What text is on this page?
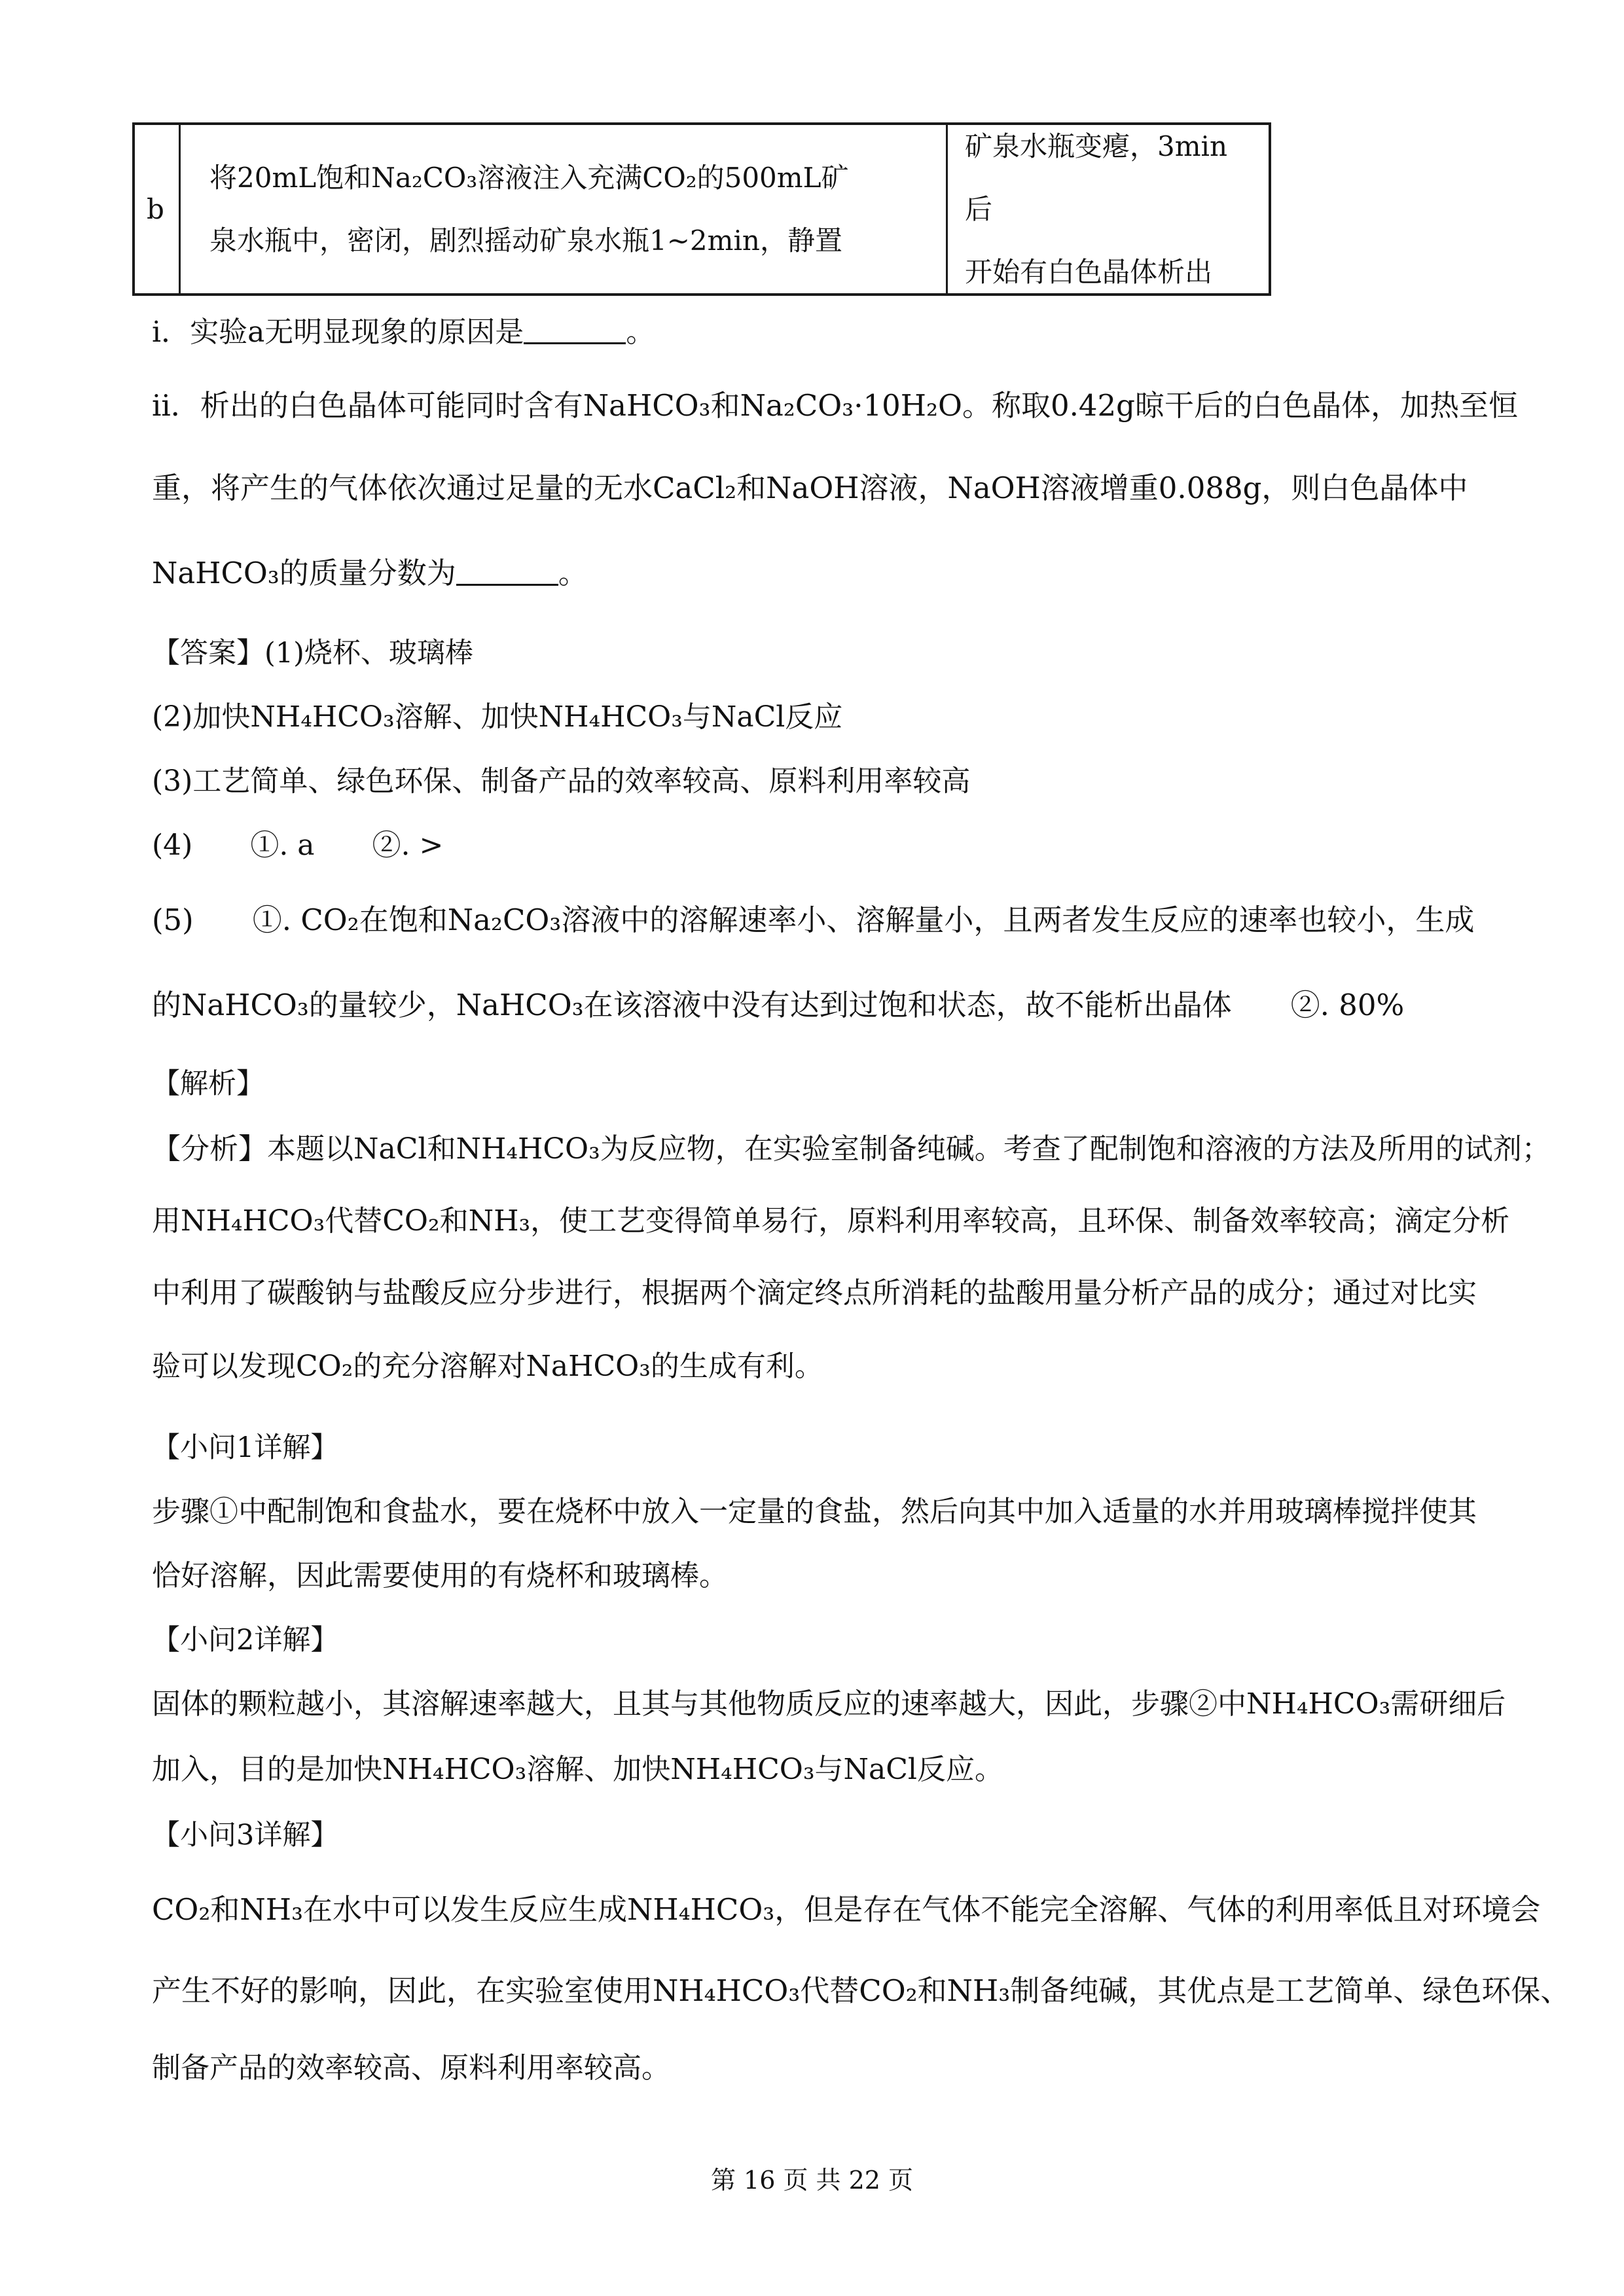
b
将20mL饱和Na₂CO₃溶液注入充满CO₂的500mL矿
泉水瓶中，密闭，剧烈摇动矿泉水瓶1~2min，静置
矿泉水瓶变瘪，3min后
开始有白色晶体析出
i．实验a无明显现象的原因是	。
ii．析出的白色晶体可能同时含有NaHCO₃和Na₂CO₃·10H₂O。称取0.42g晾干后的白色晶体，加热至恒
重，将产生的气体依次通过足量的无水CaCl₂和NaOH溶液，NaOH溶液增重0.088g，则白色晶体中
NaHCO₃的质量分数为	。
【答案】(1)烧杯、玻璃棒
(2)加快NH₄HCO₃溶解、加快NH₄HCO₃与NaCl反应
(3)工艺简单、绿色环保、制备产品的效率较高、原料利用率较高
(4)　　①. a　　②. >
(5)　　①. CO₂在饱和Na₂CO₃溶液中的溶解速率小、溶解量小，且两者发生反应的速率也较小，生成
的NaHCO₃的量较少，NaHCO₃在该溶液中没有达到过饱和状态，故不能析出晶体　　②. 80%
【解析】
【分析】本题以NaCl和NH₄HCO₃为反应物，在实验室制备纯碱。考查了配制饱和溶液的方法及所用的试剂；
用NH₄HCO₃代替CO₂和NH₃，使工艺变得简单易行，原料利用率较高，且环保、制备效率较高；滴定分析
中利用了碳酸钠与盐酸反应分步进行，根据两个滴定终点所消耗的盐酸用量分析产品的成分；通过对比实
验可以发现CO₂的充分溶解对NaHCO₃的生成有利。
【小问1详解】
步骤①中配制饱和食盐水，要在烧杯中放入一定量的食盐，然后向其中加入适量的水并用玻璃棒搅拌使其
恰好溶解，因此需要使用的有烧杯和玻璃棒。
【小问2详解】
固体的颗粒越小，其溶解速率越大，且其与其他物质反应的速率越大，因此，步骤②中NH₄HCO₃需研细后
加入，目的是加快NH₄HCO₃溶解、加快NH₄HCO₃与NaCl反应。
【小问3详解】
CO₂和NH₃在水中可以发生反应生成NH₄HCO₃，但是存在气体不能完全溶解、气体的利用率低且对环境会
产生不好的影响，因此，在实验室使用NH₄HCO₃代替CO₂和NH₃制备纯碱，其优点是工艺简单、绿色环保、
制备产品的效率较高、原料利用率较高。
第 16 页 共 22 页
